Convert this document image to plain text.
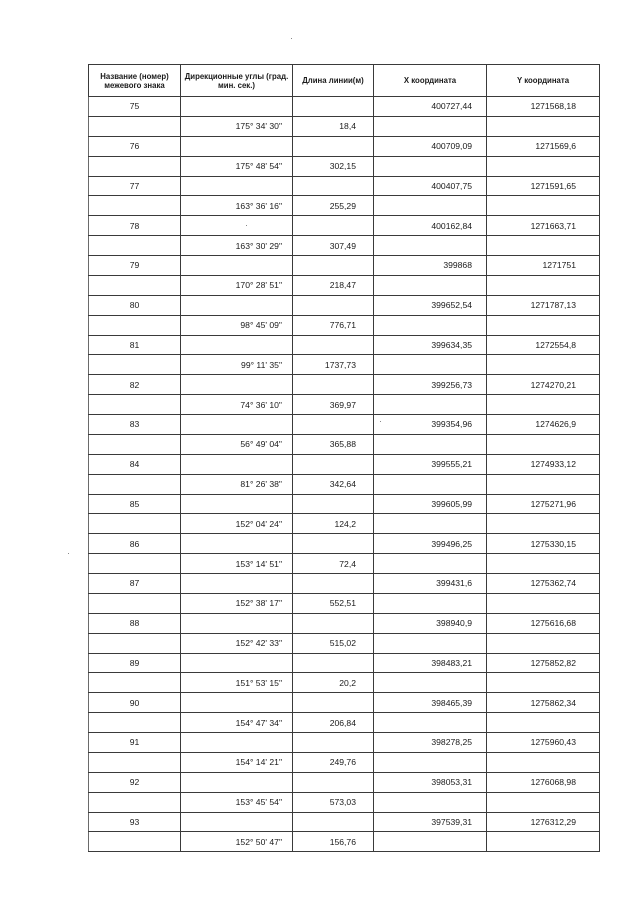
Название (номер) межевого знака	Дирекционные углы (град. мин. сек.)	Длина линии(м)	X координата	Y координата
75			400727,44	1271568,18
	175° 34' 30"	18,4		
76			400709,09	1271569,6
	175° 48' 54"	302,15		
77			400407,75	1271591,65
	163° 36' 16"	255,29		
78			400162,84	1271663,71
	163° 30' 29"	307,49		
79			399868	1271751
	170° 28' 51"	218,47		
80			399652,54	1271787,13
	98° 45' 09"	776,71		
81			399634,35	1272554,8
	99° 11' 35"	1737,73		
82			399256,73	1274270,21
	74° 36' 10"	369,97		
83			399354,96	1274626,9
	56° 49' 04"	365,88		
84			399555,21	1274933,12
	81° 26' 38"	342,64		
85			399605,99	1275271,96
	152° 04' 24"	124,2		
86			399496,25	1275330,15
	153° 14' 51"	72,4		
87			399431,6	1275362,74
	152° 38' 17"	552,51		
88			398940,9	1275616,68
	152° 42' 33"	515,02		
89			398483,21	1275852,82
	151° 53' 15"	20,2		
90			398465,39	1275862,34
	154° 47' 34"	206,84		
91			398278,25	1275960,43
	154° 14' 21"	249,76		
92			398053,31	1276068,98
	153° 45' 54"	573,03		
93			397539,31	1276312,29
	152° 50' 47"	156,76		
